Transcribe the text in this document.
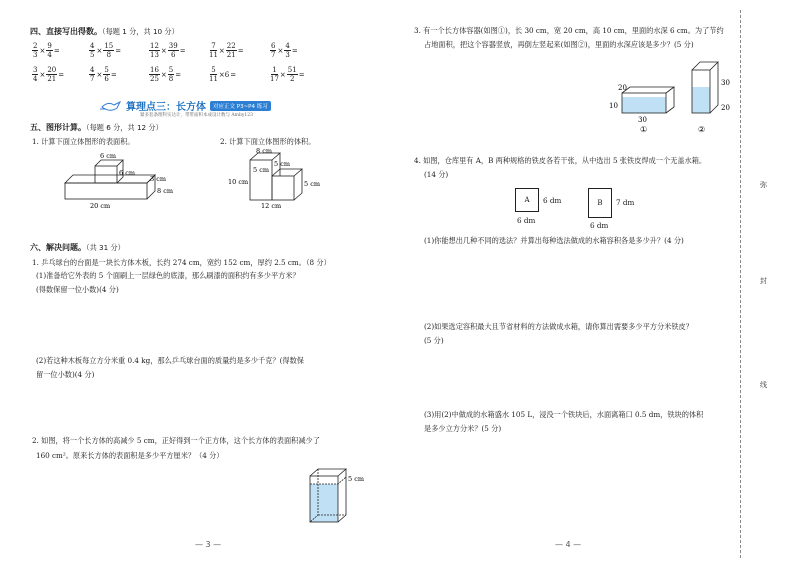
四、直接写出得数。（每题 1 分，共 10 分）
$\frac{2}{3} \times \frac{9}{4}$ =	$\frac{4}{5} \times \frac{15}{8}$ =	$\frac{12}{13} \times \frac{39}{6}$ =	$\frac{7}{11} \times \frac{22}{21}$ =	$\frac{6}{7} \times \frac{4}{3}$ =
$\frac{3}{4} \times \frac{20}{21}$ =	$\frac{4}{7} \times \frac{5}{6}$ =	$\frac{16}{25} \times \frac{5}{8}$ =	$\frac{5}{11} \times 6$ =	$\frac{1}{17} \times \frac{51}{2}$ =
算理点三：长方体	对应正文 P3~P4 练习
紧多套条理科实达计，带带面积本成设计数与 Amby123
五、图形计算。（每题 6 分，共 12 分）
1. 计算下面立体图形的表面积。	2. 计算下面立体图形的体积。
6 cm
6 cm
3 cm
8 cm
20 cm
8 cm
5 cm
5 cm
10 cm	5 cm
12 cm
六、解决问题。（共 31 分）
1. 乒乓球台的台面是一块长方体木板，长约 274 cm，宽约 152 cm，厚约 2.5 cm。（8 分）
(1)准备给它外表的 5 个面刷上一层绿色的底漆，那么刷漆的面积约有多少平方米？
(得数保留一位小数)(4 分)
(2)若这种木板每立方分米重 0.4 kg，那么乒乓球台面的质量约是多少千克？(得数保
留一位小数)(4 分)
2. 如图，将一个长方体的高减少 5 cm，正好得到一个正方体，这个长方体的表面积减少了
160 cm²。原来长方体的表面积是多少平方厘米？（4 分）
5 cm
— 3 —
3. 有一个长方体容器(如图①)，长 30 cm，宽 20 cm，高 10 cm，里面的水深 6 cm。为了节约
占地面积，把这个容器竖放，再倒左竖起来(如图②)，里面的水深应该是多少？(5 分)
20
10
30
①
30
20
②
4. 如图，仓库里有 A，B 两种规格的铁皮各若干张，从中选出 5 张铁皮焊成一个无盖水箱。
(14 分)
A 6 dm
6 dm
B 7 dm
6 dm
(1)你能想出几种不同的选法？并算出每种选法做成的水箱容积各是多少升？(4 分)
(2)如果选定容积最大且节省材料的方法做成水箱，请你算出需要多少平方分米铁皮？
(5 分)
(3)用(2)中做成的水箱盛水 105 L，浸没一个铁块后，水面离箱口 0.5 dm，铁块的体积
是多少立方分米？(5 分)
— 4 —
弥
封
线
